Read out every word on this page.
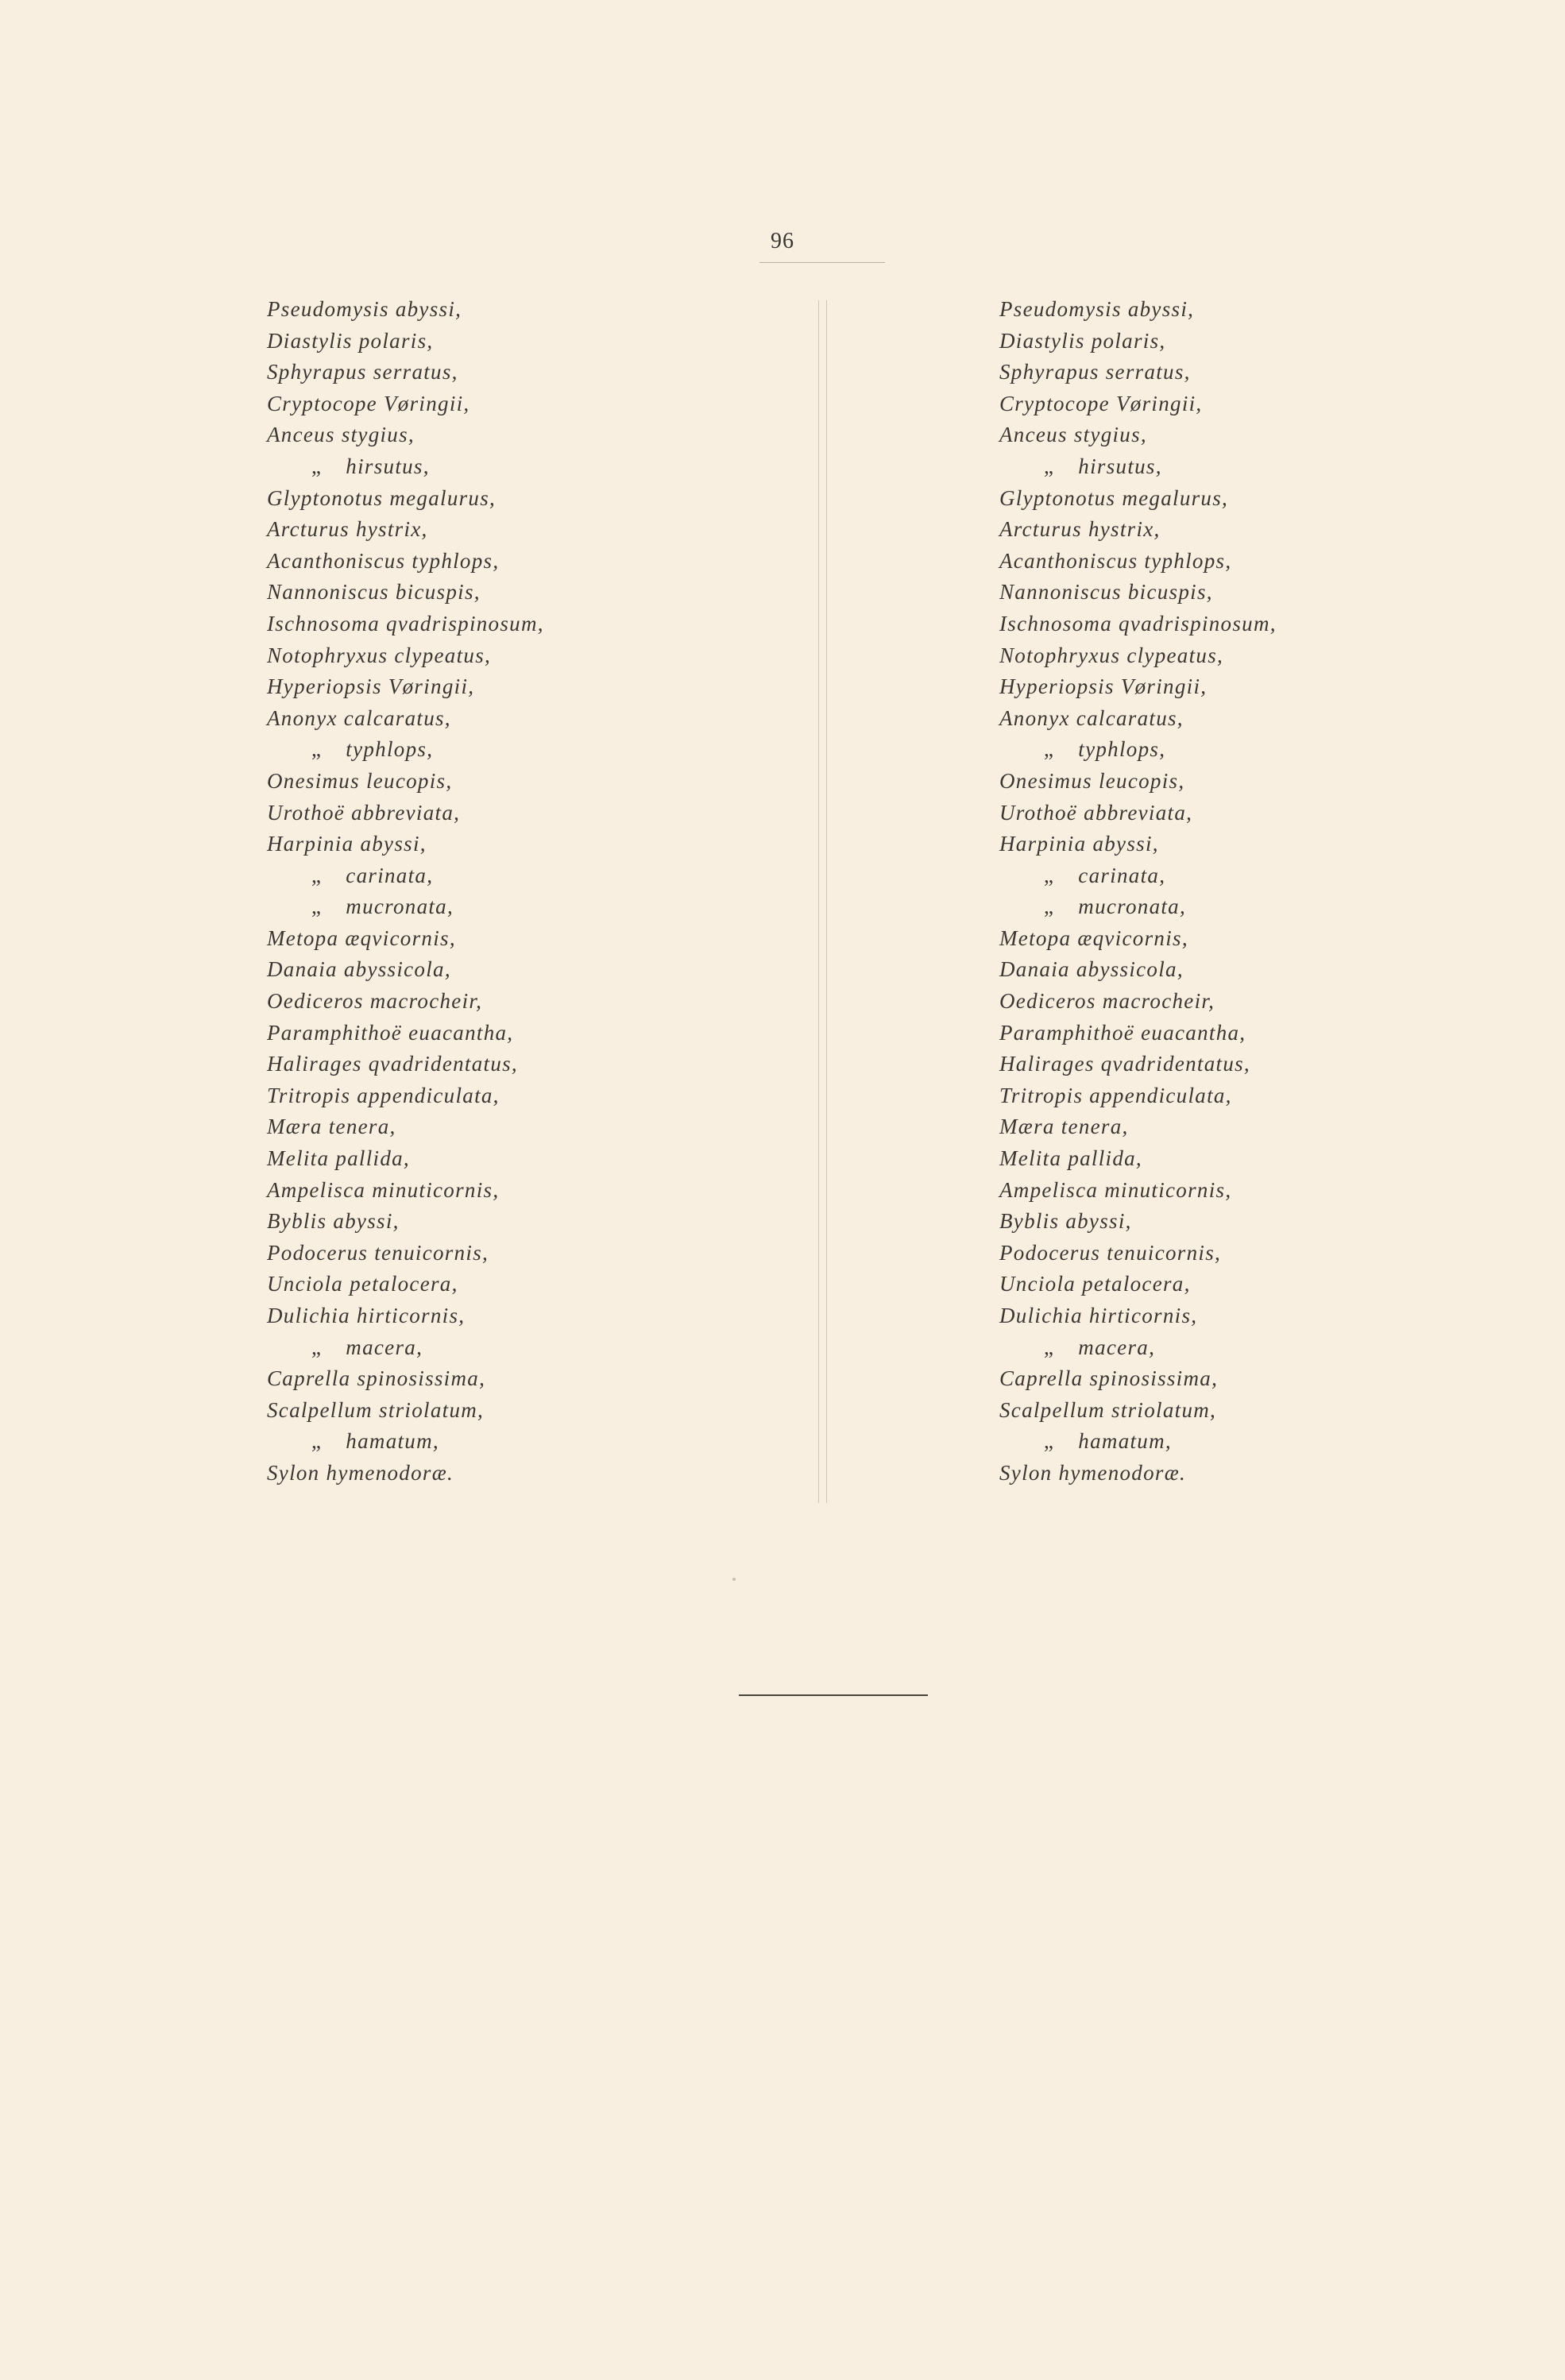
96
Pseudomysis abyssi,
Diastylis polaris,
Sphyrapus serratus,
Cryptocope Vøringii,
Anceus stygius,
„ hirsutus,
Glyptonotus megalurus,
Arcturus hystrix,
Acanthoniscus typhlops,
Nannoniscus bicuspis,
Ischnosoma qvadrispinosum,
Notophryxus clypeatus,
Hyperiopsis Vøringii,
Anonyx calcaratus,
„ typhlops,
Onesimus leucopis,
Urothoë abbreviata,
Harpinia abyssi,
„ carinata,
„ mucronata,
Metopa æqvicornis,
Danaia abyssicola,
Oediceros macrocheir,
Paramphithoë euacantha,
Halirages qvadridentatus,
Tritropis appendiculata,
Mæra tenera,
Melita pallida,
Ampelisca minuticornis,
Byblis abyssi,
Podocerus tenuicornis,
Unciola petalocera,
Dulichia hirticornis,
„ macera,
Caprella spinosissima,
Scalpellum striolatum,
„ hamatum,
Sylon hymenodoræ.
Pseudomysis abyssi,
Diastylis polaris,
Sphyrapus serratus,
Cryptocope Vøringii,
Anceus stygius,
„ hirsutus,
Glyptonotus megalurus,
Arcturus hystrix,
Acanthoniscus typhlops,
Nannoniscus bicuspis,
Ischnosoma qvadrispinosum,
Notophryxus clypeatus,
Hyperiopsis Vøringii,
Anonyx calcaratus,
„ typhlops,
Onesimus leucopis,
Urothoë abbreviata,
Harpinia abyssi,
„ carinata,
„ mucronata,
Metopa æqvicornis,
Danaia abyssicola,
Oediceros macrocheir,
Paramphithoë euacantha,
Halirages qvadridentatus,
Tritropis appendiculata,
Mæra tenera,
Melita pallida,
Ampelisca minuticornis,
Byblis abyssi,
Podocerus tenuicornis,
Unciola petalocera,
Dulichia hirticornis,
„ macera,
Caprella spinosissima,
Scalpellum striolatum,
„ hamatum,
Sylon hymenodoræ.
